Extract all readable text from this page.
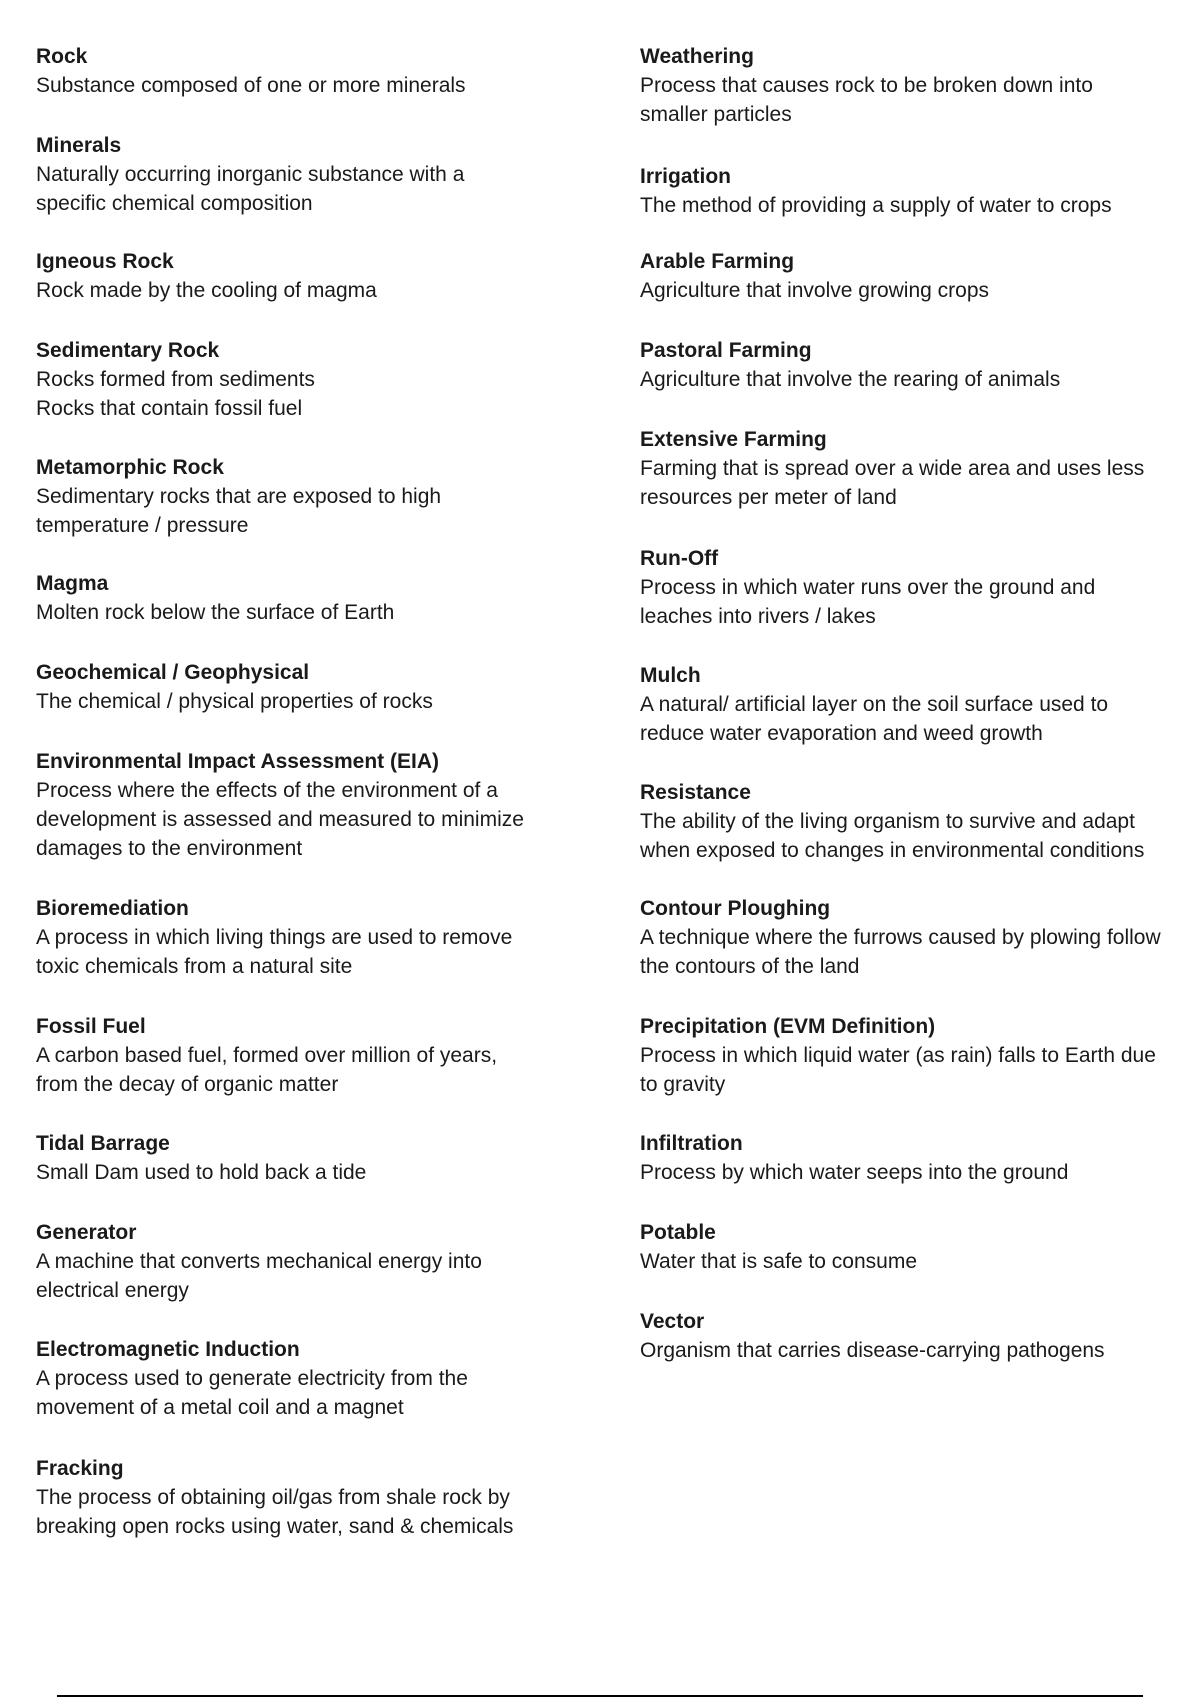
Rock
Substance composed of one or more minerals
Minerals
Naturally occurring inorganic substance with a
specific chemical composition
Igneous Rock
Rock made by the cooling of magma
Sedimentary Rock
Rocks formed from sediments
Rocks that contain fossil fuel
Metamorphic Rock
Sedimentary rocks that are exposed to high
temperature / pressure
Magma
Molten rock below the surface of Earth
Geochemical / Geophysical
The chemical / physical properties of rocks
Environmental Impact Assessment (EIA)
Process where the effects of the environment of a
development is assessed and measured to minimize
damages to the environment
Bioremediation
A process in which living things are used to remove
toxic chemicals from a natural site
Fossil Fuel
A carbon based fuel, formed over million of years,
from the decay of organic matter
Tidal Barrage
Small Dam used to hold back a tide
Generator
A machine that converts mechanical energy into
electrical energy
Electromagnetic Induction
A process used to generate electricity from the
movement of a metal coil and a magnet
Fracking
The process of obtaining oil/gas from shale rock by
breaking open rocks using water, sand & chemicals
Weathering
Process that causes rock to be broken down into
smaller particles
Irrigation
The method of providing a supply of water to crops
Arable Farming
Agriculture that involve growing crops
Pastoral Farming
Agriculture that involve the rearing of animals
Extensive Farming
Farming that is spread over a wide area and uses less
resources per meter of land
Run-Off
Process in which water runs over the ground and
leaches into rivers / lakes
Mulch
A natural/ artificial layer on the soil surface used to
reduce water evaporation and weed growth
Resistance
The ability of the living organism to survive and adapt
when exposed to changes in environmental conditions
Contour Ploughing
A technique where the furrows caused by plowing follow
the contours of the land
Precipitation (EVM Definition)
Process in which liquid water (as rain) falls to Earth due
to gravity
Infiltration
Process by which water seeps into the ground
Potable
Water that is safe to consume
Vector
Organism that carries disease-carrying pathogens
